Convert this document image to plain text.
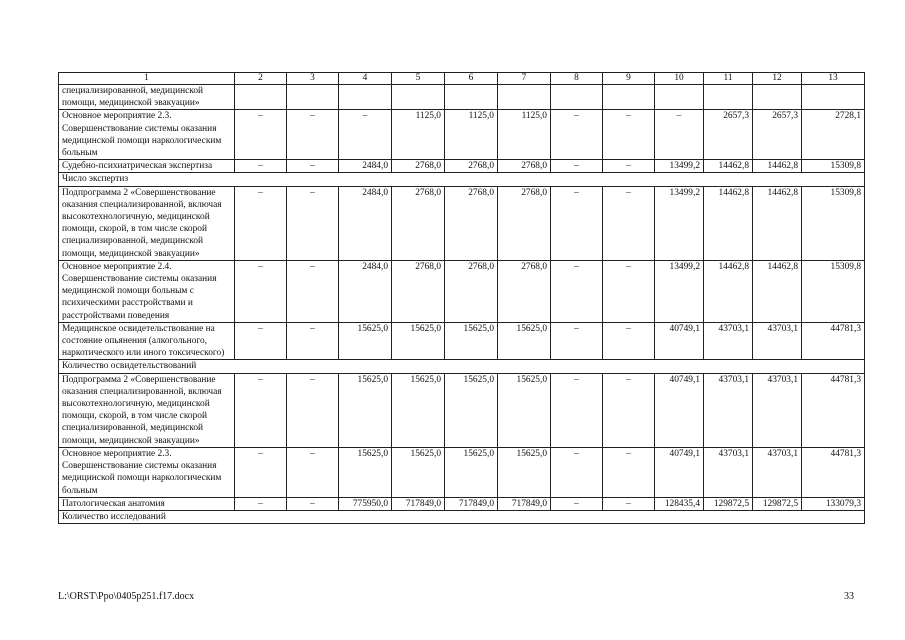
1	2	3	4	5	6	7	8	9	10	11	12	13
специализированной, медицинской помощи, медицинской эвакуации»												
Основное мероприятие 2.3. Совершенствование системы оказания медицинской помощи наркологическим больным	–	–	–	1125,0	1125,0	1125,0	–	–	–	2657,3	2657,3	2728,1
Судебно-психиатрическая экспертиза	–	–	2484,0	2768,0	2768,0	2768,0	–	–	13499,2	14462,8	14462,8	15309,8
Число экспертиз												
Подпрограмма 2 «Совершенствование оказания специализированной, включая высокотехнологичную, медицинской помощи, скорой, в том числе скорой специализированной, медицинской помощи, медицинской эвакуации»	–	–	2484,0	2768,0	2768,0	2768,0	–	–	13499,2	14462,8	14462,8	15309,8
Основное мероприятие 2.4. Совершенствование системы оказания медицинской помощи больным с психическими расстройствами и расстройствами поведения	–	–	2484,0	2768,0	2768,0	2768,0	–	–	13499,2	14462,8	14462,8	15309,8
Медицинское освидетельствование на состояние опьянения (алкогольного, наркотического или иного токсического)	–	–	15625,0	15625,0	15625,0	15625,0	–	–	40749,1	43703,1	43703,1	44781,3
Количество освидетельствований												
Подпрограмма 2 «Совершенствование оказания специализированной, включая высокотехнологичную, медицинской помощи, скорой, в том числе скорой специализированной, медицинской помощи, медицинской эвакуации»	–	–	15625,0	15625,0	15625,0	15625,0	–	–	40749,1	43703,1	43703,1	44781,3
Основное мероприятие 2.3. Совершенствование системы оказания медицинской помощи наркологическим больным	–	–	15625,0	15625,0	15625,0	15625,0	–	–	40749,1	43703,1	43703,1	44781,3
Патологическая анатомия	–	–	775950,0	717849,0	717849,0	717849,0	–	–	128435,4	129872,5	129872,5	133079,3
Количество исследований												
L:\ORST\Ppo\0405p251.f17.docx	33
